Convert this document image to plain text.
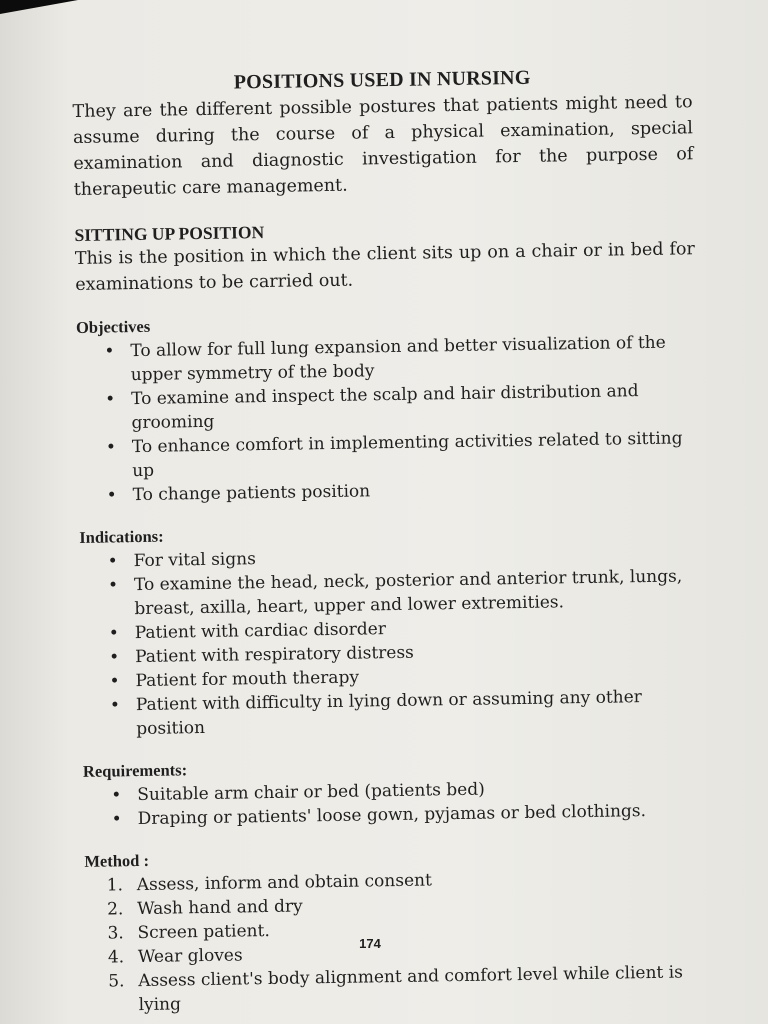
POSITIONS USED IN NURSING

They are the different possible postures that patients might need to assume during the course of a physical examination, special examination and diagnostic investigation for the purpose of therapeutic care management.

SITTING UP POSITION

This is the position in which the client sits up on a chair or in bed for examinations to be carried out.

Objectives
• To allow for full lung expansion and better visualization of the upper symmetry of the body
• To examine and inspect the scalp and hair distribution and grooming
• To enhance comfort in implementing activities related to sitting up
• To change patients position
Indications:
• For vital signs
• To examine the head, neck, posterior and anterior trunk, lungs, breast, axilla, heart, upper and lower extremities.
• Patient with cardiac disorder
• Patient with respiratory distress
• Patient for mouth therapy
• Patient with difficulty in lying down or assuming any other position
Requirements:
• Suitable arm chair or bed (patients bed)
• Draping or patients' loose gown, pyjamas or bed clothings.
Method :
1. Assess, inform and obtain consent
2. Wash hand and dry
3. Screen patient.
4. Wear gloves
5. Assess client's body alignment and comfort level while client is lying
174
